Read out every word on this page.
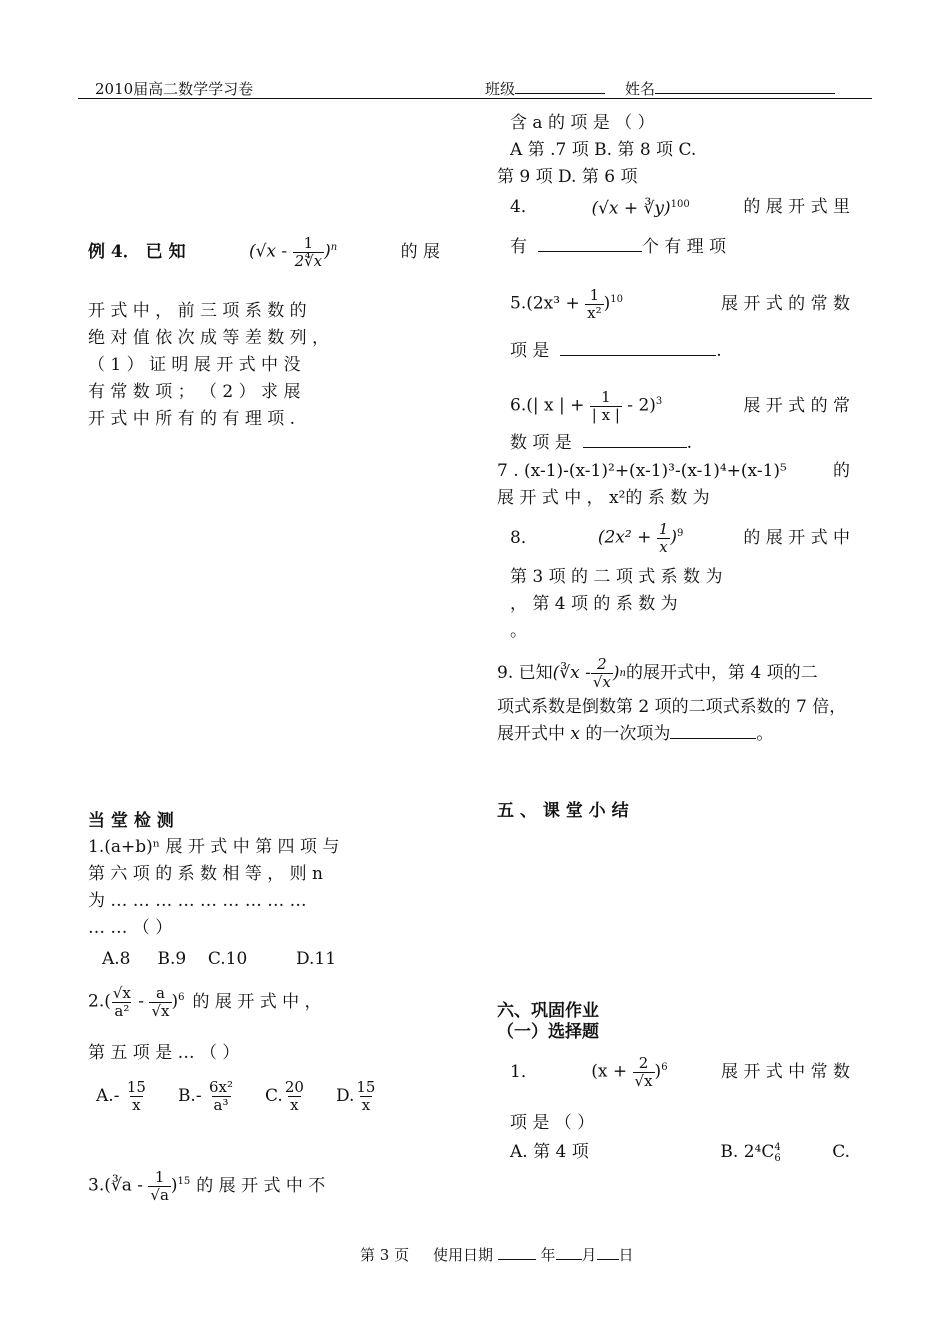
2010届高二数学学习卷	班级	姓名
例 4． 已 知	$(√x - \frac{1}{2∜x} )^n$	的 展
开 式 中 ， 前 三 项 系 数 的
绝 对 值 依 次 成 等 差 数 列 ，
（ 1 ） 证 明 展 开 式 中 没
有 常 数 项 ； （ 2 ） 求 展
开 式 中 所 有 的 有 理 项 .
当 堂 检 测
1.(a+b)ⁿ 展 开 式 中 第 四 项 与
第 六 项 的 系 数 相 等 ， 则 n
为 … … … … … … … … …
… … （ ）
A.8 B.9 C.10	D.11
$2.( \frac{√x}{\text{a²}} - \frac{a}{√x} )^6$ 的 展 开 式 中 ，
第 五 项 是 … （ ）
$A.- \frac{15}{x} B.- \frac{\text{6x²}}{\text{a³}} C$. $\frac{20}{x} D$. $\frac{15}{x}$
3.(∛a - $\frac{1}{√a} )^{15}$ 的 展 开 式 中 不
含 a 的 项 是 （ ）
A 第 .7 项 B. 第 8 项 C.
第 9 项 D. 第 6 项
4．	(√x + ∛y)$^{100}$	的 展 开 式 里
有	个 有 理 项
$5.(2x^3 + \frac{1}{\text{x²}} )^{10}$	展 开 式 的 常 数
项 是	.
6.(| x | + $\frac{1}{| x |} - 2)^3$	展 开 式 的 常
数 项 是	.
7 . (x-1)-(x-1)²+(x-1)³-(x-1)⁴+(x-1)⁵	的
展 开 式 中 ， x²的 系 数 为
8．	$(2x^2 + \frac{1}{x} )^9$	的 展 开 式 中
第 3 项 的 二 项 式 系 数 为
， 第 4 项 的 系 数 为
。
9. 已知 (∛x - $\frac{2}{√x}$ ) n 的展开式中，第 4 项的二
项式系数是倒数第 2 项的二项式系数的 7 倍，
展开式中 x 的一次项为	。
五 、 课 堂 小 结
六、巩固作业
（一）选择题
1．	$(x + \frac{2}{√x} )^6$	展 开 式 中 常 数
项 是 （ ）
A. 第 4 项	B.
2⁴C 4
6	C.
第 3 页 使用日期	年 月 日
